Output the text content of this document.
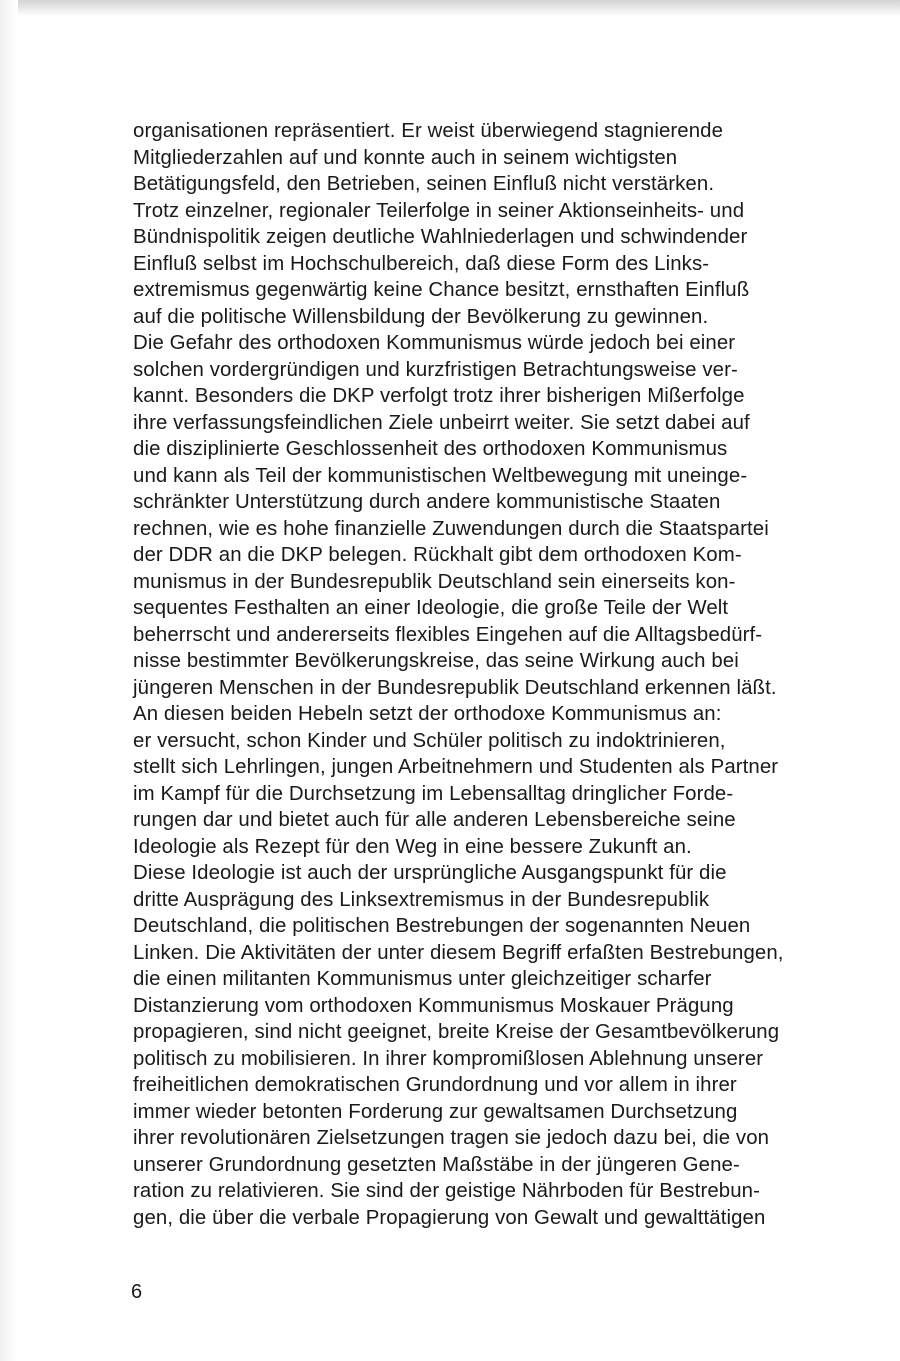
organisationen repräsentiert. Er weist überwiegend stagnierende
Mitgliederzahlen auf und konnte auch in seinem wichtigsten
Betätigungsfeld, den Betrieben, seinen Einfluß nicht verstärken.
Trotz einzelner, regionaler Teilerfolge in seiner Aktionseinheits- und
Bündnispolitik zeigen deutliche Wahlniederlagen und schwindender
Einfluß selbst im Hochschulbereich, daß diese Form des Links-
extremismus gegenwärtig keine Chance besitzt, ernsthaften Einfluß
auf die politische Willensbildung der Bevölkerung zu gewinnen.
Die Gefahr des orthodoxen Kommunismus würde jedoch bei einer
solchen vordergründigen und kurzfristigen Betrachtungsweise ver-
kannt. Besonders die DKP verfolgt trotz ihrer bisherigen Mißerfolge
ihre verfassungsfeindlichen Ziele unbeirrt weiter. Sie setzt dabei auf
die disziplinierte Geschlossenheit des orthodoxen Kommunismus
und kann als Teil der kommunistischen Weltbewegung mit uneinge-
schränkter Unterstützung durch andere kommunistische Staaten
rechnen, wie es hohe finanzielle Zuwendungen durch die Staatspartei
der DDR an die DKP belegen. Rückhalt gibt dem orthodoxen Kom-
munismus in der Bundesrepublik Deutschland sein einerseits kon-
sequentes Festhalten an einer Ideologie, die große Teile der Welt
beherrscht und andererseits flexibles Eingehen auf die Alltagsbedürf-
nisse bestimmter Bevölkerungskreise, das seine Wirkung auch bei
jüngeren Menschen in der Bundesrepublik Deutschland erkennen läßt.
An diesen beiden Hebeln setzt der orthodoxe Kommunismus an:
er versucht, schon Kinder und Schüler politisch zu indoktrinieren,
stellt sich Lehrlingen, jungen Arbeitnehmern und Studenten als Partner
im Kampf für die Durchsetzung im Lebensalltag dringlicher Forde-
rungen dar und bietet auch für alle anderen Lebensbereiche seine
Ideologie als Rezept für den Weg in eine bessere Zukunft an.
Diese Ideologie ist auch der ursprüngliche Ausgangspunkt für die
dritte Ausprägung des Linksextremismus in der Bundesrepublik
Deutschland, die politischen Bestrebungen der sogenannten Neuen
Linken. Die Aktivitäten der unter diesem Begriff erfaßten Bestrebungen,
die einen militanten Kommunismus unter gleichzeitiger scharfer
Distanzierung vom orthodoxen Kommunismus Moskauer Prägung
propagieren, sind nicht geeignet, breite Kreise der Gesamtbevölkerung
politisch zu mobilisieren. In ihrer kompromißlosen Ablehnung unserer
freiheitlichen demokratischen Grundordnung und vor allem in ihrer
immer wieder betonten Forderung zur gewaltsamen Durchsetzung
ihrer revolutionären Zielsetzungen tragen sie jedoch dazu bei, die von
unserer Grundordnung gesetzten Maßstäbe in der jüngeren Gene-
ration zu relativieren. Sie sind der geistige Nährboden für Bestrebun-
gen, die über die verbale Propagierung von Gewalt und gewalttätigen
6
